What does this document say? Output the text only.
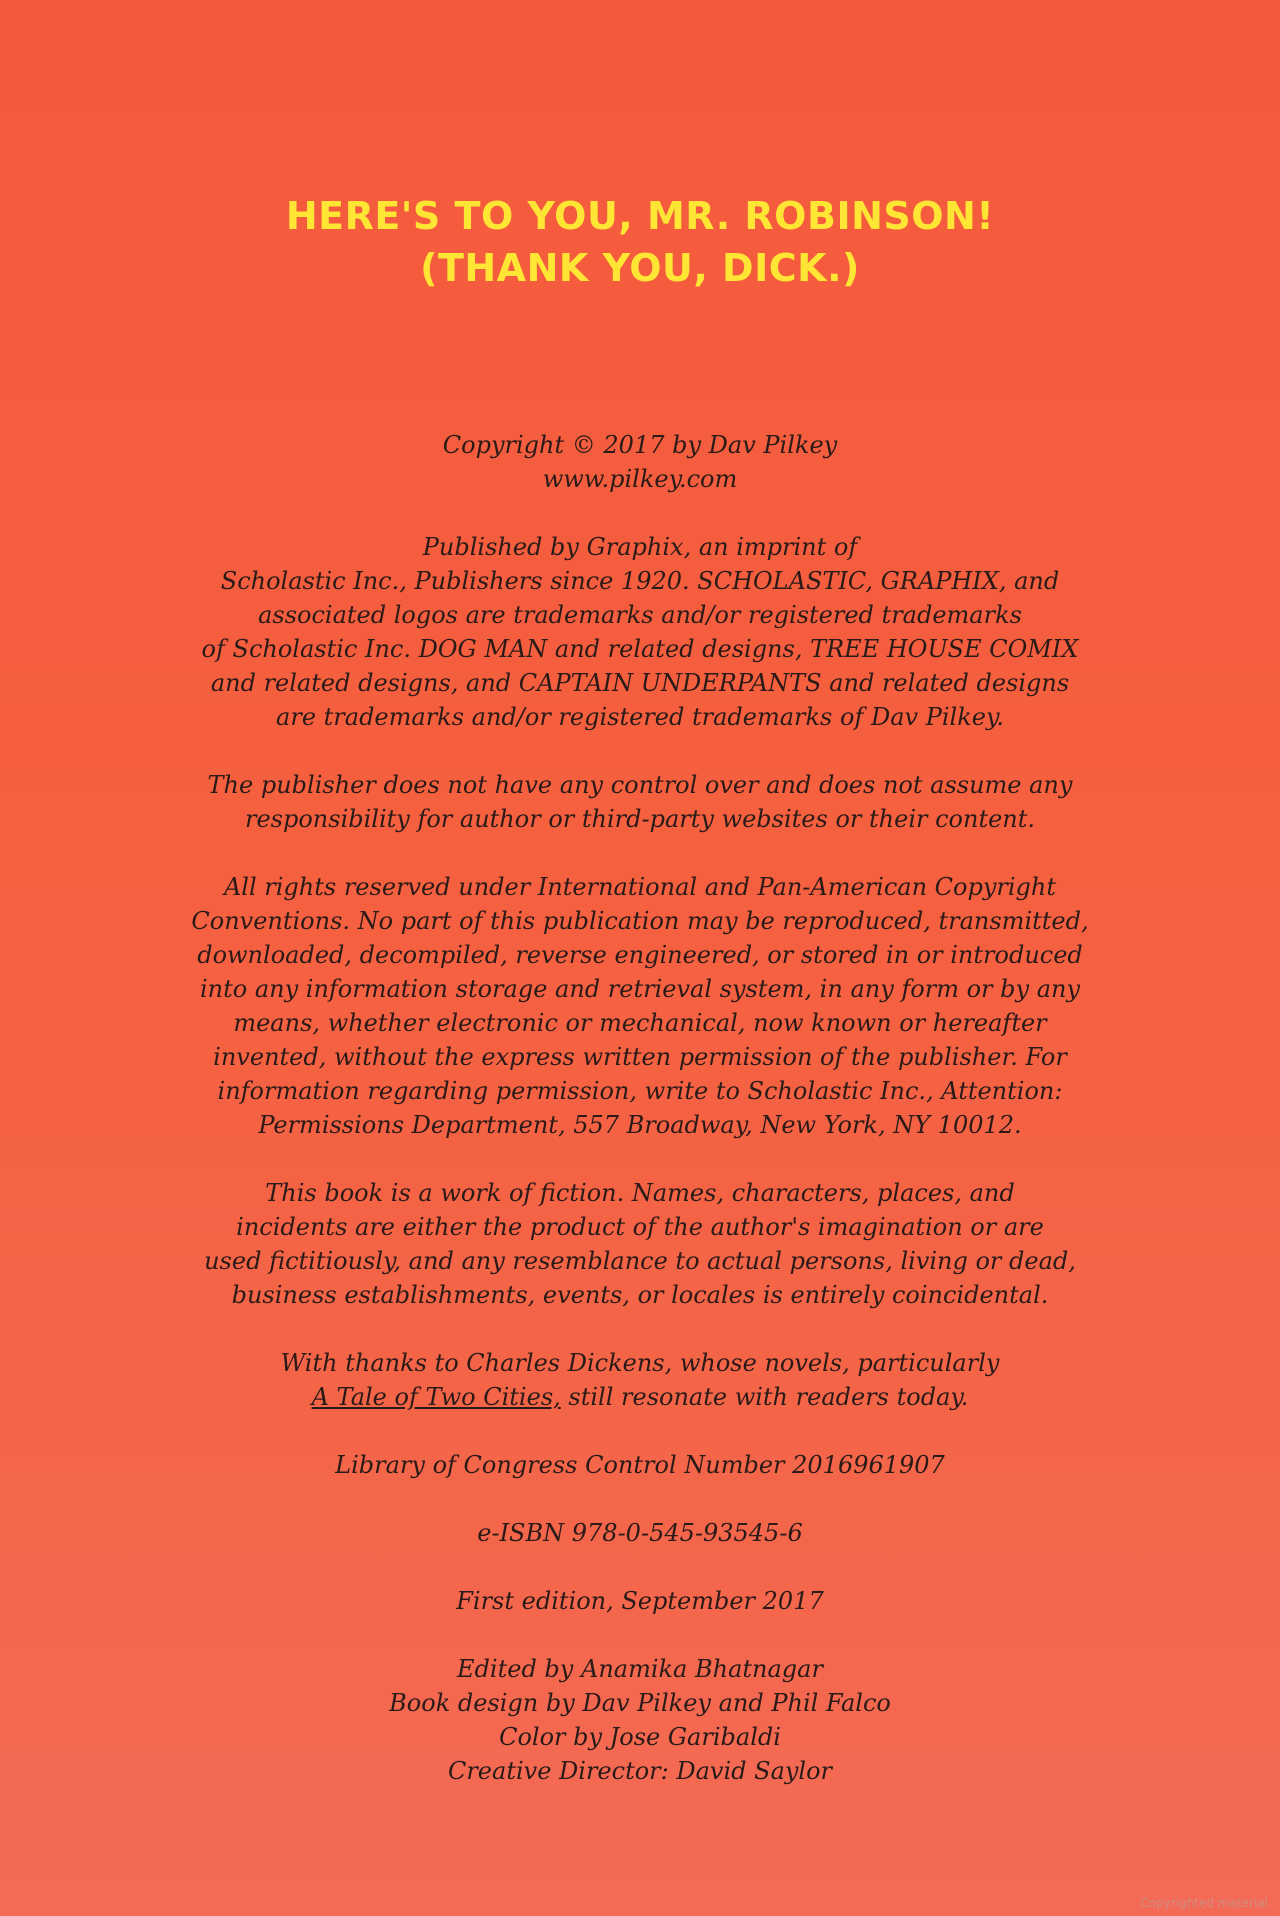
HERE'S TO YOU, MR. ROBINSON!
(THANK YOU, DICK.)
Copyright © 2017 by Dav Pilkey
www.pilkey.com
Published by Graphix, an imprint of
Scholastic Inc., Publishers since 1920. SCHOLASTIC, GRAPHIX, and
associated logos are trademarks and/or registered trademarks
of Scholastic Inc. DOG MAN and related designs, TREE HOUSE COMIX
and related designs, and CAPTAIN UNDERPANTS and related designs
are trademarks and/or registered trademarks of Dav Pilkey.
The publisher does not have any control over and does not assume any
responsibility for author or third-party websites or their content.
All rights reserved under International and Pan-American Copyright
Conventions. No part of this publication may be reproduced, transmitted,
downloaded, decompiled, reverse engineered, or stored in or introduced
into any information storage and retrieval system, in any form or by any
means, whether electronic or mechanical, now known or hereafter
invented, without the express written permission of the publisher. For
information regarding permission, write to Scholastic Inc., Attention:
Permissions Department, 557 Broadway, New York, NY 10012.
This book is a work of fiction. Names, characters, places, and
incidents are either the product of the author's imagination or are
used fictitiously, and any resemblance to actual persons, living or dead,
business establishments, events, or locales is entirely coincidental.
With thanks to Charles Dickens, whose novels, particularly
A Tale of Two Cities, still resonate with readers today.
Library of Congress Control Number 2016961907
e-ISBN 978-0-545-93545-6
First edition, September 2017
Edited by Anamika Bhatnagar
Book design by Dav Pilkey and Phil Falco
Color by Jose Garibaldi
Creative Director: David Saylor
Copyrighted material
